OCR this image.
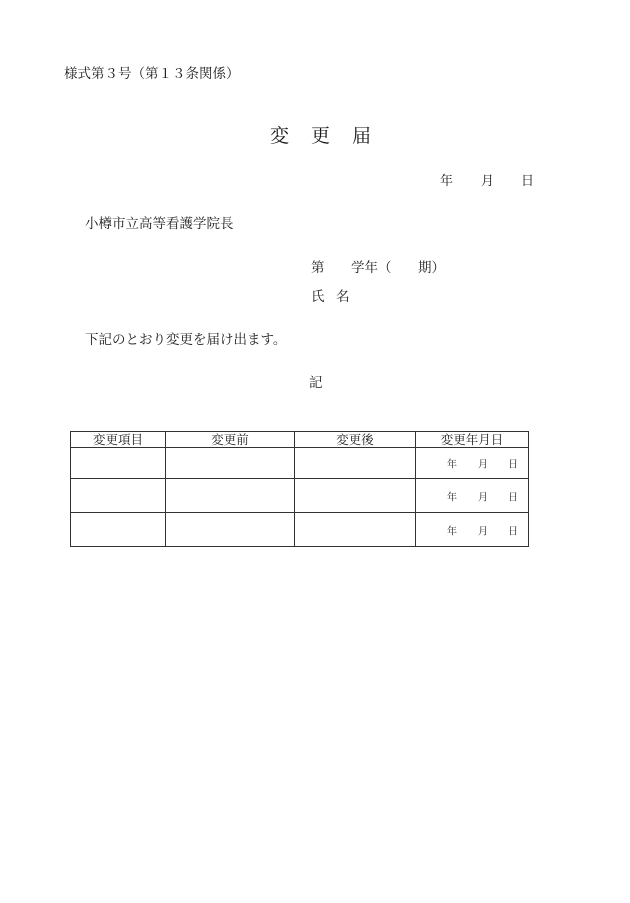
様式第３号（第１３条関係）
変 更 届
年 月 日
小樽市立高等看護学院長
第 学年（ 期）
氏 名
下記のとおり変更を届け出ます。
記
変更項目	変更前	変更後	変更年月日

			年 月 日

			年 月 日

			年 月 日
